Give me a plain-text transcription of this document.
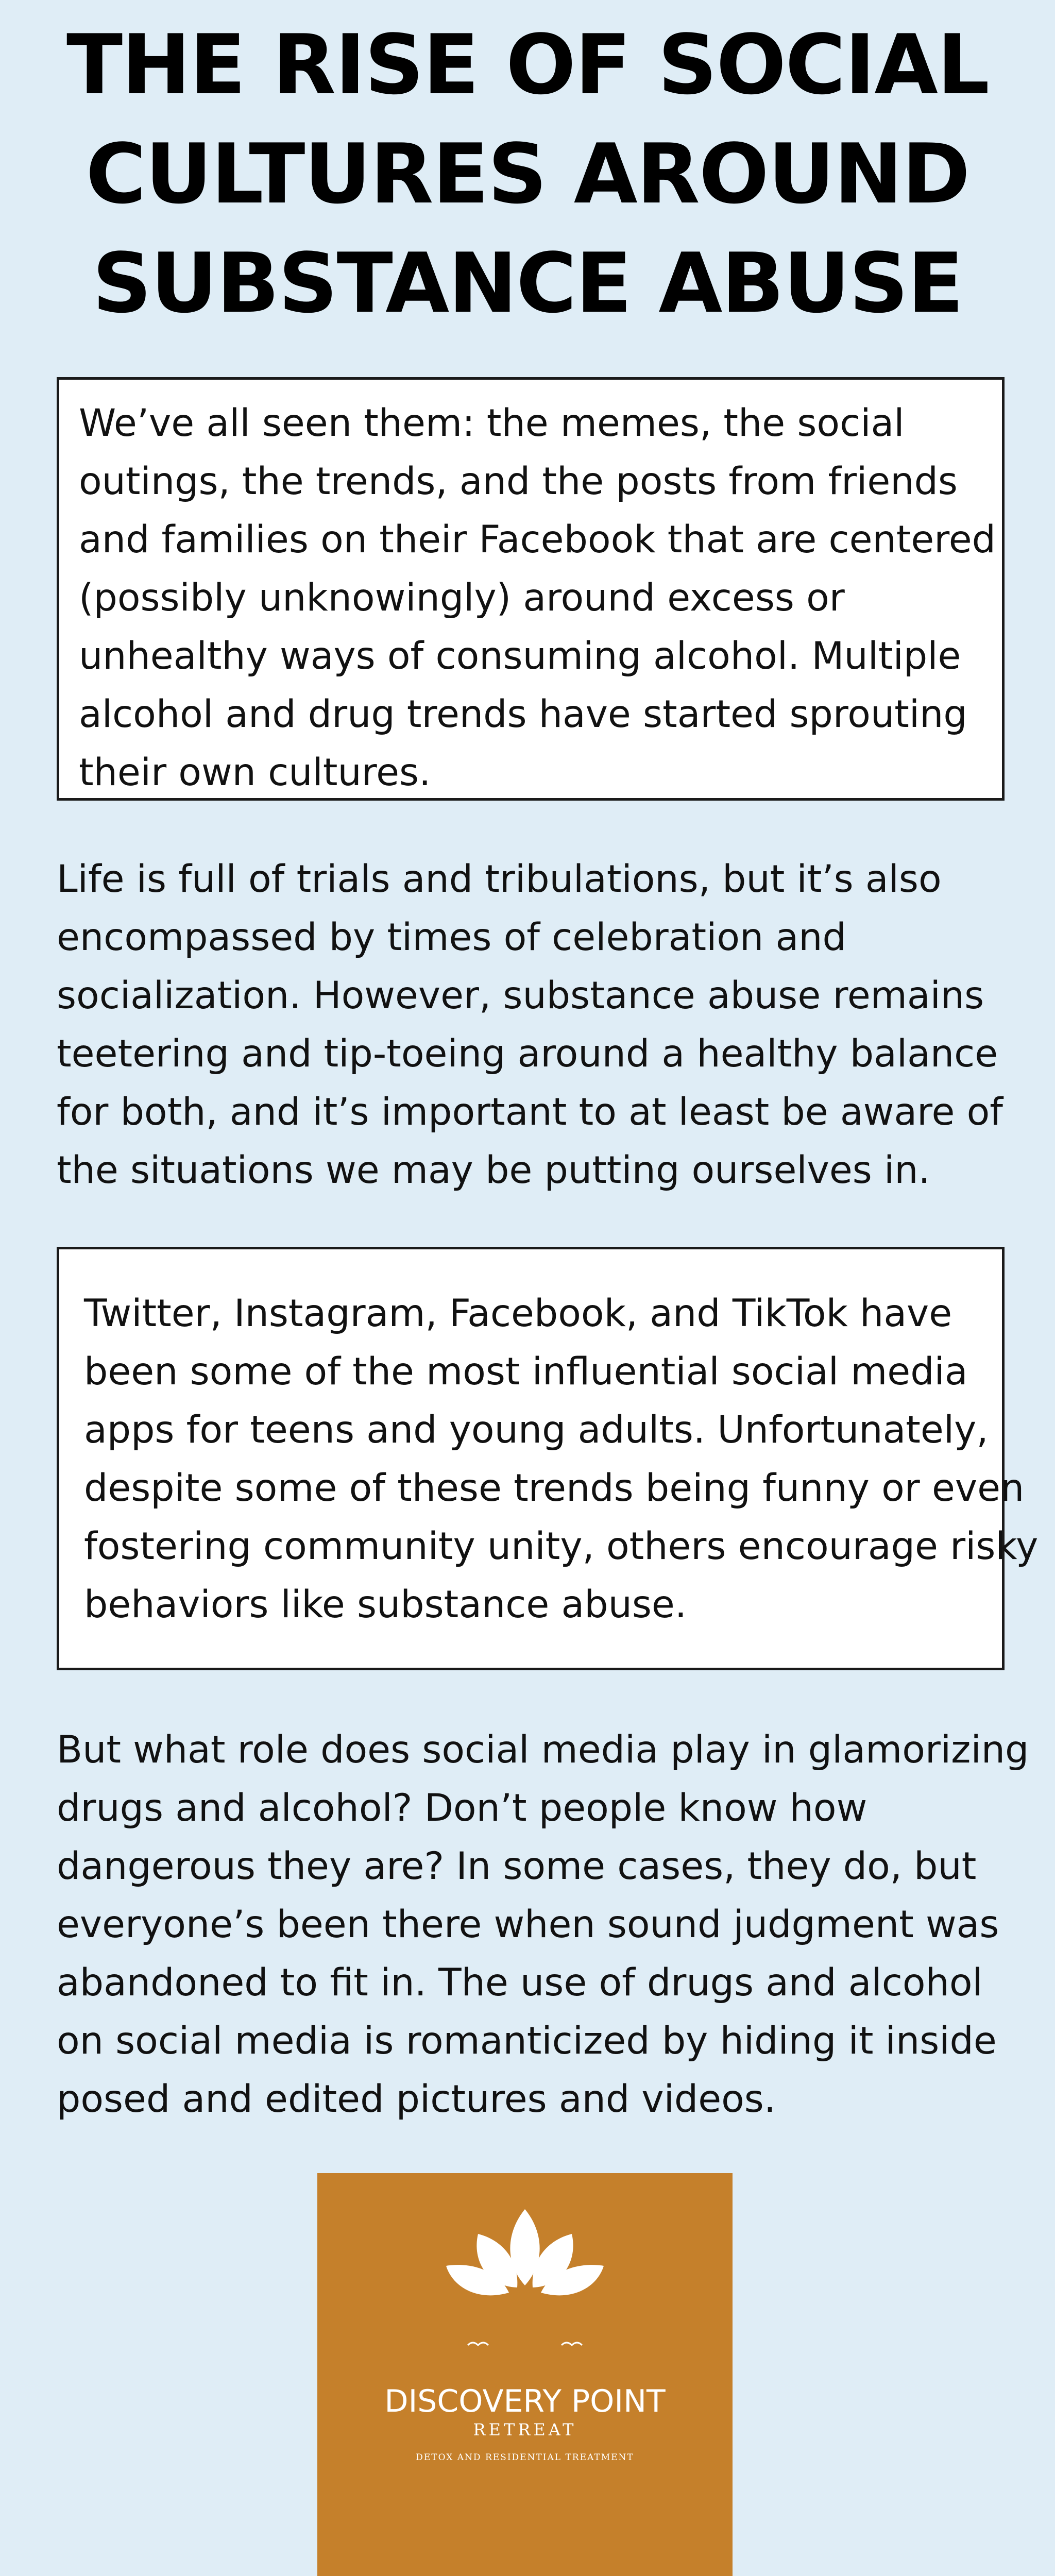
THE RISE OF SOCIAL
CULTURES AROUND
SUBSTANCE ABUSE

We’ve all seen them: the memes, the social
outings, the trends, and the posts from friends
and families on their Facebook that are centered
(possibly unknowingly) around excess or
unhealthy ways of consuming alcohol. Multiple
alcohol and drug trends have started sprouting
their own cultures.

Life is full of trials and tribulations, but it’s also
encompassed by times of celebration and
socialization. However, substance abuse remains
teetering and tip-toeing around a healthy balance
for both, and it’s important to at least be aware of
the situations we may be putting ourselves in.

Twitter, Instagram, Facebook, and TikTok have
been some of the most influential social media
apps for teens and young adults. Unfortunately,
despite some of these trends being funny or even
fostering community unity, others encourage risky
behaviors like substance abuse.

But what role does social media play in glamorizing
drugs and alcohol? Don’t people know how
dangerous they are? In some cases, they do, but
everyone’s been there when sound judgment was
abandoned to fit in. The use of drugs and alcohol
on social media is romanticized by hiding it inside
posed and edited pictures and videos.

DISCOVERY POINT
RETREAT
DETOX AND RESIDENTIAL TREATMENT
